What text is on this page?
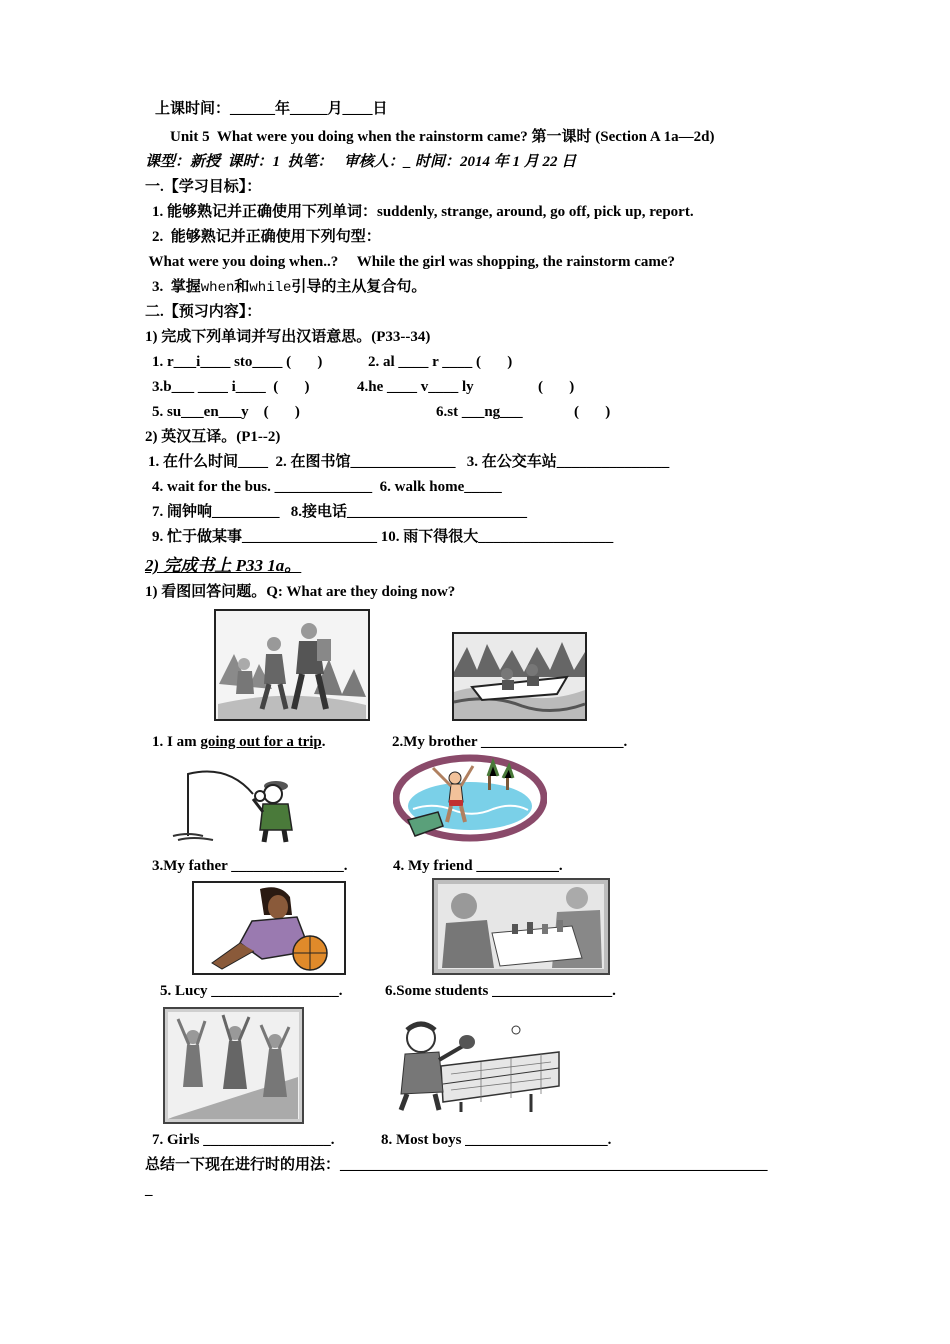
上课时间：______年_____月____日
Unit 5  What were you doing when the rainstorm came? 第一课时 (Section A 1a—2d)
课型：新授  课时：1  执笔：   审核人：_ 时间：2014 年 1 月 22 日
一.【学习目标】：
1. 能够熟记并正确使用下列单词：suddenly, strange, around, go off, pick up, report.
2.  能够熟记并正确使用下列句型：
What were you doing when..?     While the girl was shopping, the rainstorm came?
3.  掌握when和while引导的主从复合句。
二.【预习内容】：
1) 完成下列单词并写出汉语意思。(P33--34)
1. r___i____ sto____ (       )	2. al ____ r ____ (       )
3.b___ ____ i____  (       )	4.he ____ v____ ly	(       )
5. su___en___y    (       )	6.st ___ng___	(       )
2) 英汉互译。(P1--2)
1. 在什么时间____  2. 在图书馆______________   3. 在公交车站_______________
4. wait for the bus. _____________  6. walk home_____
7. 闹钟响_________   8.接电话________________________
9. 忙于做某事__________________ 10. 雨下得很大__________________
2) 完成书上 P33 1a。
1) 看图回答问题。Q: What are they doing now?
1. I am going out for a trip.	2.My brother ___________________.
3.My father _______________.	4. My friend ___________.
5. Lucy _________________.	6.Some students ________________.
7. Girls _________________.	8. Most boys ___________________.
总结一下现在进行时的用法：_________________________________________________________
_
